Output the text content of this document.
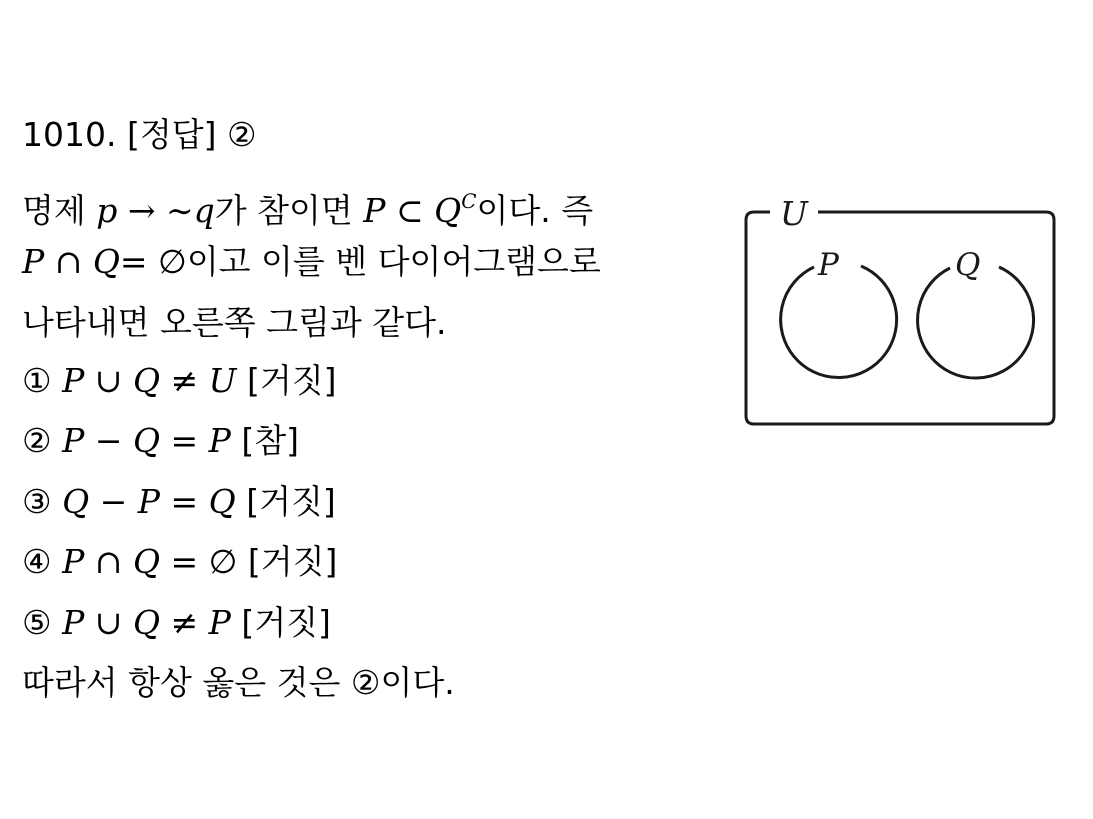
1010. [정답] ②
명제 p → ∼q가 참이면 P ⊂ $Q^C$이다. 즉
P ∩ Q= ∅이고 이를 벤 다이어그램으로
나타내면 오른쪽 그림과 같다.
① P ∪ Q ≠ U [거짓]
② P − Q = P [참]
③ Q − P = Q [거짓]
④ P ∩ Q = ∅ [거짓]
⑤ P ∪ Q ≠ P [거짓]
따라서 항상 옳은 것은 ②이다.
U
P	Q
